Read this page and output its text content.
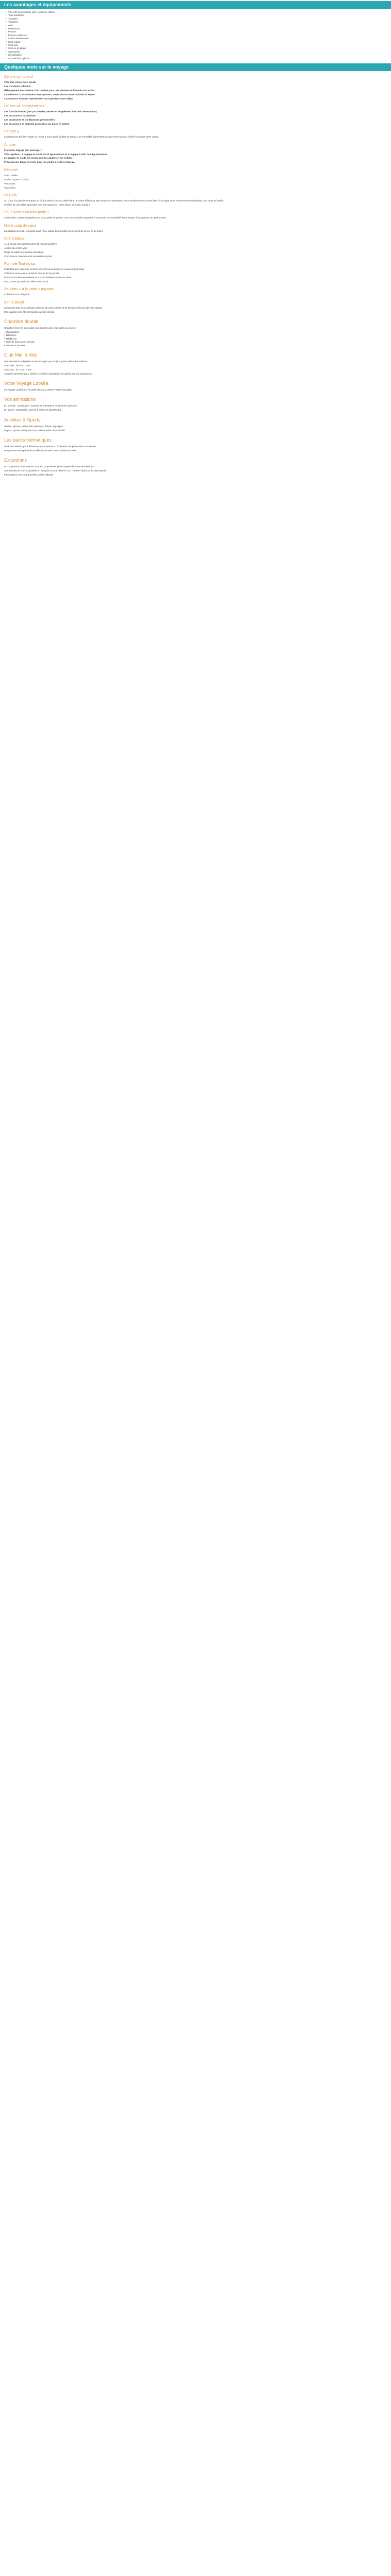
Les avantages et équipements
✓ Vols A/R au départ de Lille (1 journée offerte)
✓ Tous transferts
✓ Transfert
✓ Transfert
✓ WiFi
✓ Restaurant
✓ Piscine
✓ Piscine extérieure
✓ Centre de bien-être
✓ Club enfant
✓ Club ado
✓ Service de plage
✓ Spectacles
✓ Climatisation
✓ Accueil francophone
Quelques mots sur le voyage
Ce prix comprend

Vols aller-retour avec escale

Les transferts collectifs

Hébergement en chambre Club Lookéa pour une semaine en formule tout inclus

La présence d’un animateur francophone Lookéa durant toute la durée du séjour

L’assistance de notre représentant local pendant votre séjour

Ce prix ne comprend pas

Les frais de dossier (25€ par dossier, versés en supplément lors de la réservation)

Les assurances facultatives

Les pourboires et les dépenses personnelles

Les excursions et activités proposées sur place en option

Pensez-y

Le passeport doit être valide au moins 6 mois après la date de retour. Les formalités administratives peuvent évoluer, vérifiez-les avant votre départ.

À noter

Franchise bagage (par passager) :

Vols réguliers : 1 bagage en soute de 23 kg maximum et 1 bagage à main de 8 kg maximum.

Le bagage en soute est inclus pour les adultes et les enfants.

Prévoyez une tenue correcte pour les visites de sites religieux.

Résumé

Club Lookéa

Durée : 8 jours / 7 nuits

Vols inclus

Tout inclus

Le Club

Au cœur d’un jardin verdoyant, le Club Lookéa vous accueille dans un cadre idéal pour des vacances reposantes. Vous profiterez d’un accès direct à la plage et de nombreuses installations pour toute la famille.

Profitez de nos offres spéciales pour les vacances : votre séjour au Club Lookéa !

Pour quelles raisons partir ?

L’animation Lookéa imaginée pour tous, petits et grands, avec des activités adaptées à chacun et la convivialité d’une équipe francophone aux petits soins.

Notre coup de cœur

La situation du club, les pieds dans l’eau, idéale pour profiter pleinement de la mer et du soleil.

Cité pratique

À 15 km de l’aéroport (environ 20 min de transfert)

À 5 km du centre-ville

Plage de sable à proximité immédiate

Commerces et restaurants accessibles à pied

Formule Tout inclus

Petit-déjeuner, déjeuner et dîner sous forme de buffet au restaurant principal

Collations et en-cas à certaines heures de la journée

Boissons locales alcoolisées et non alcoolisées servies au verre

Eau, sodas, jus de fruits, bière et vin local

Services « à la carte » payants

Coffre-fort à la réception

Bon à savoir

La formule tout inclus débute à l’heure de votre arrivée et se termine à l’heure de votre départ.

Une caution peut être demandée à votre arrivée.

Chambre double

Chambre rénovée avec goût, tout confort, avec vue jardin ou piscine

• Climatisation
• Télévision
• Téléphone
• Salle de bains avec douche
• Balcon ou terrasse
Club Mini & Ado

Des animations adaptées à tous les âges pour le plus grand plaisir des enfants.

Club Mini : de 4 à 11 ans

Club Ado : de 12 à 17 ans

Activités sportives, jeux, ateliers créatifs et spectacles encadrés par nos animateurs.

Votre Voyage Lookéa

Le voyage Lookéa est encadré de A à Z, partez l’esprit tranquille.

Vos animations

En journée : sports, jeux, tournois et animations au bord de la piscine.

En soirée : spectacles, soirées à thème et discothèque.

Activités & Sports

Gratuit : piscine, volley-ball, pétanque, fitness, aquagym.

Payant : sports nautiques et excursions selon disponibilité.

Les packs thématiques

Pack découverte, pack détente et pack aventure : à réserver sur place selon vos envies.

Programme susceptible de modifications selon les conditions locales.

Excursions

Un programme d’excursions vous est proposé sur place auprès de votre représentant.

Les excursions sont proposées en français et sous réserve d’un nombre minimum de participants.

Informations non contractuelles, à titre indicatif.
